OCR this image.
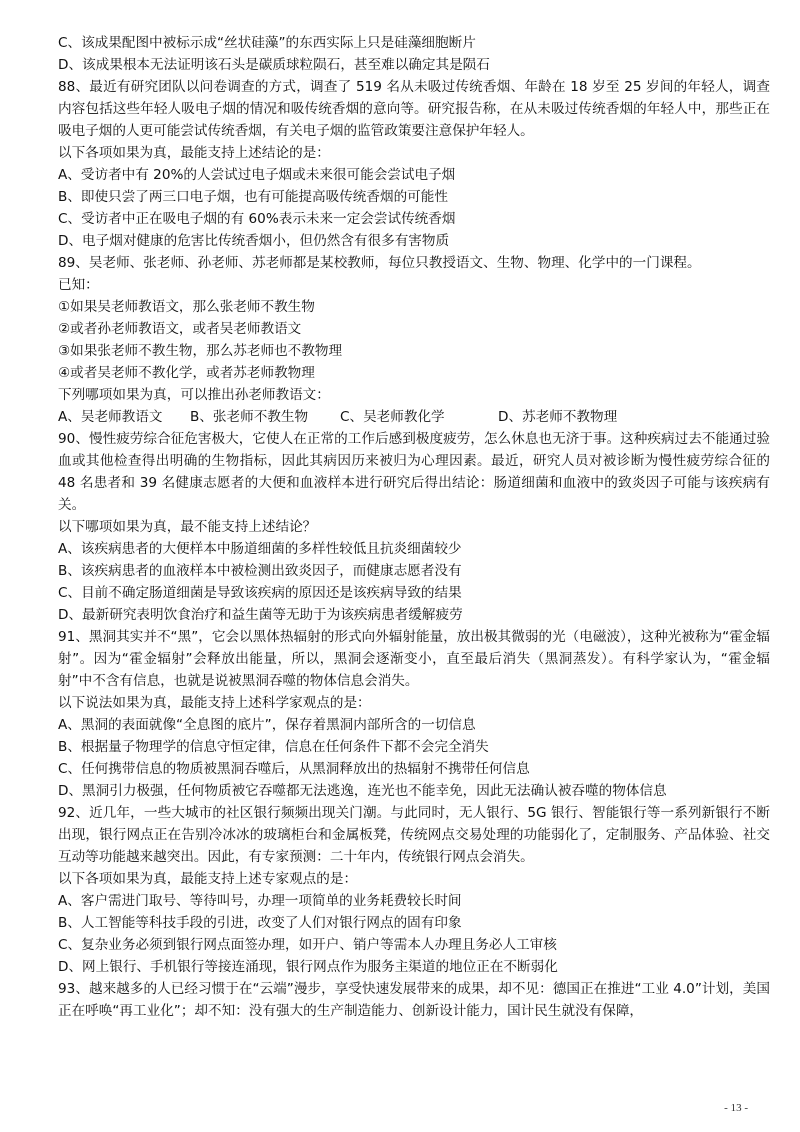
C、该成果配图中被标示成“丝状硅藻”的东西实际上只是硅藻细胞断片
D、该成果根本无法证明该石头是碳质球粒陨石，甚至难以确定其是陨石
88、最近有研究团队以问卷调查的方式，调查了 519 名从未吸过传统香烟、年龄在 18 岁至 25 岁间的年轻人，调查内容包括这些年轻人吸电子烟的情况和吸传统香烟的意向等。研究报告称，在从未吸过传统香烟的年轻人中，那些正在吸电子烟的人更可能尝试传统香烟，有关电子烟的监管政策要注意保护年轻人。
以下各项如果为真，最能支持上述结论的是：
A、受访者中有 20%的人尝试过电子烟或未来很可能会尝试电子烟
B、即使只尝了两三口电子烟，也有可能提高吸传统香烟的可能性
C、受访者中正在吸电子烟的有 60%表示未来一定会尝试传统香烟
D、电子烟对健康的危害比传统香烟小，但仍然含有很多有害物质
89、吴老师、张老师、孙老师、苏老师都是某校教师，每位只教授语文、生物、物理、化学中的一门课程。
已知：
①如果吴老师教语文，那么张老师不教生物
②或者孙老师教语文，或者吴老师教语文
③如果张老师不教生物，那么苏老师也不教物理
④或者吴老师不教化学，或者苏老师教物理
下列哪项如果为真，可以推出孙老师教语文：
A、吴老师教语文	B、张老师不教生物	C、吴老师教化学	D、苏老师不教物理
90、慢性疲劳综合征危害极大，它使人在正常的工作后感到极度疲劳，怎么休息也无济于事。这种疾病过去不能通过验血或其他检查得出明确的生物指标，因此其病因历来被归为心理因素。最近，研究人员对被诊断为慢性疲劳综合征的 48 名患者和 39 名健康志愿者的大便和血液样本进行研究后得出结论：肠道细菌和血液中的致炎因子可能与该疾病有关。
以下哪项如果为真，最不能支持上述结论？
A、该疾病患者的大便样本中肠道细菌的多样性较低且抗炎细菌较少
B、该疾病患者的血液样本中被检测出致炎因子，而健康志愿者没有
C、目前不确定肠道细菌是导致该疾病的原因还是该疾病导致的结果
D、最新研究表明饮食治疗和益生菌等无助于为该疾病患者缓解疲劳
91、黑洞其实并不“黑”，它会以黑体热辐射的形式向外辐射能量，放出极其微弱的光（电磁波），这种光被称为“霍金辐射”。因为“霍金辐射”会释放出能量，所以，黑洞会逐渐变小，直至最后消失（黑洞蒸发）。有科学家认为，“霍金辐射”中不含有信息，也就是说被黑洞吞噬的物体信息会消失。
以下说法如果为真，最能支持上述科学家观点的是：
A、黑洞的表面就像“全息图的底片”，保存着黑洞内部所含的一切信息
B、根据量子物理学的信息守恒定律，信息在任何条件下都不会完全消失
C、任何携带信息的物质被黑洞吞噬后，从黑洞释放出的热辐射不携带任何信息
D、黑洞引力极强，任何物质被它吞噬都无法逃逸，连光也不能幸免，因此无法确认被吞噬的物体信息
92、近几年，一些大城市的社区银行频频出现关门潮。与此同时，无人银行、5G 银行、智能银行等一系列新银行不断出现，银行网点正在告别冷冰冰的玻璃柜台和金属板凳，传统网点交易处理的功能弱化了，定制服务、产品体验、社交互动等功能越来越突出。因此，有专家预测：二十年内，传统银行网点会消失。
以下各项如果为真，最能支持上述专家观点的是：
A、客户需进门取号、等待叫号，办理一项简单的业务耗费较长时间
B、人工智能等科技手段的引进，改变了人们对银行网点的固有印象
C、复杂业务必须到银行网点面签办理，如开户、销户等需本人办理且务必人工审核
D、网上银行、手机银行等接连涌现，银行网点作为服务主渠道的地位正在不断弱化
93、越来越多的人已经习惯于在“云端”漫步，享受快速发展带来的成果，却不见：德国正在推进“工业 4.0”计划，美国正在呼唤“再工业化”；却不知：没有强大的生产制造能力、创新设计能力，国计民生就没有保障，
- 13 -
